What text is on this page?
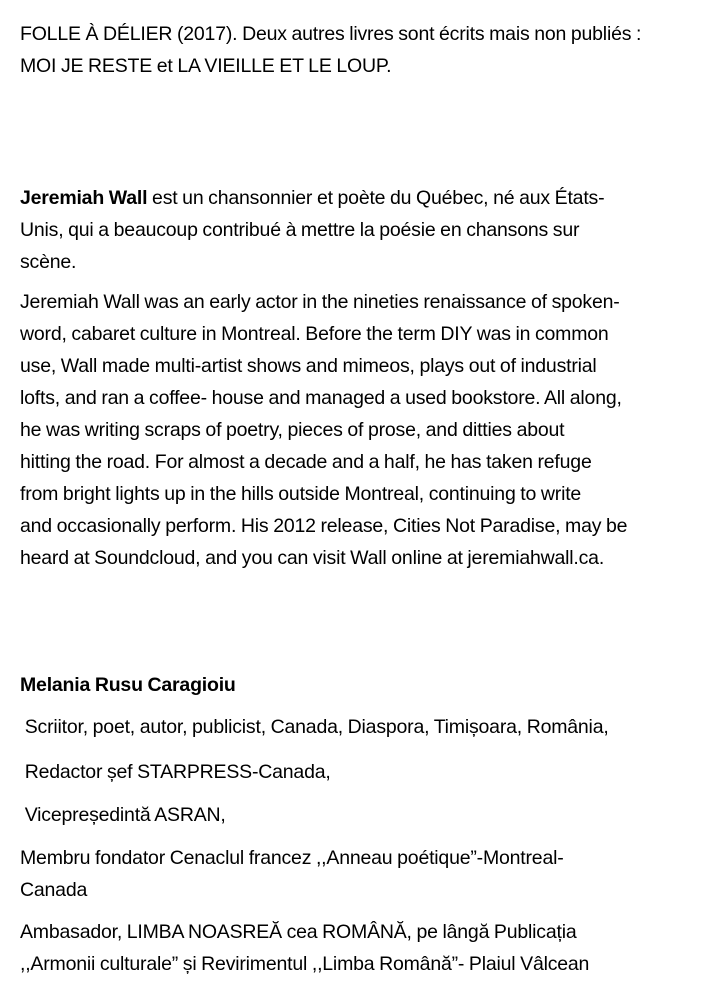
FOLLE À DÉLIER (2017). Deux autres livres sont écrits mais non publiés :
MOI JE RESTE et LA VIEILLE ET LE LOUP.

Jeremiah Wall est un chansonnier et poète du Québec, né aux États-
Unis, qui a beaucoup contribué à mettre la poésie en chansons sur
scène.

Jeremiah Wall was an early actor in the nineties renaissance of spoken-
word, cabaret culture in Montreal. Before the term DIY was in common
use, Wall made multi-artist shows and mimeos, plays out of industrial
lofts, and ran a coffee- house and managed a used bookstore. All along,
he was writing scraps of poetry, pieces of prose, and ditties about
hitting the road. For almost a decade and a half, he has taken refuge
from bright lights up in the hills outside Montreal, continuing to write
and occasionally perform. His 2012 release, Cities Not Paradise, may be
heard at Soundcloud, and you can visit Wall online at jeremiahwall.ca.

Melania Rusu Caragioiu

Scriitor, poet, autor, publicist, Canada, Diaspora, Timișoara, România,

Redactor șef STARPRESS-Canada,

Vicepreședintă ASRAN,

Membru fondator Cenaclul francez ,,Anneau poétique”-Montreal-
Canada

Ambasador, LIMBA NOASREĂ cea ROMÂNĂ, pe lângă Publicația
,,Armonii culturale” și Revirimentul ,,Limba Română”- Plaiul Vâlcean
